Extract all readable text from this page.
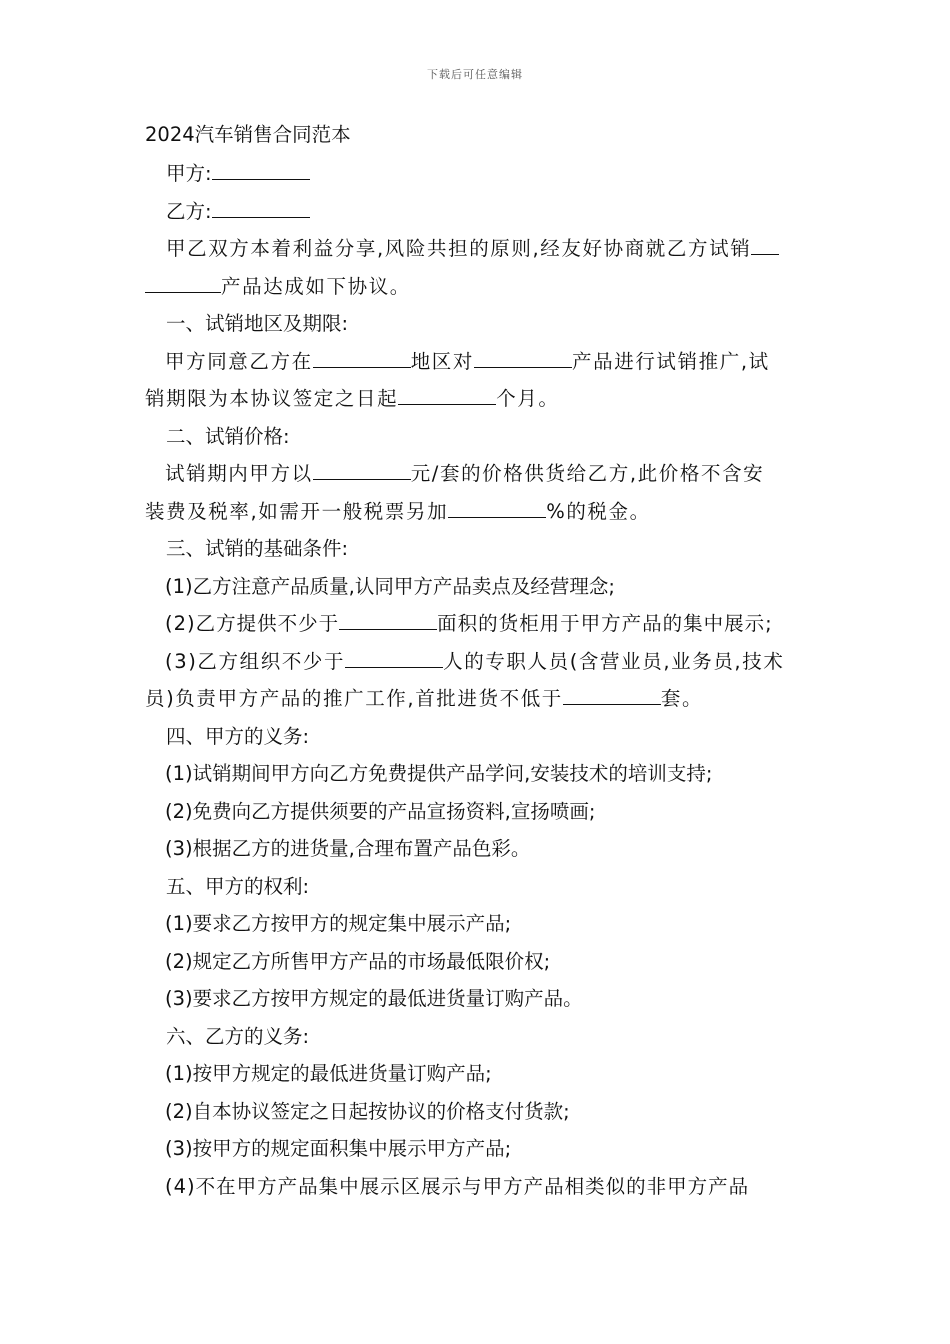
下载后可任意编辑
2024汽车销售合同范本

甲方:

乙方:

甲乙双方本着利益分享,风险共担的原则,经友好协商就乙方试销

产品达成如下协议。

一、试销地区及期限:

甲方同意乙方在	地区对	产品进行试销推广,试

销期限为本协议签定之日起	个月。

二、试销价格:

试销期内甲方以	元/套的价格供货给乙方,此价格不含安

装费及税率,如需开一般税票另加	%的税金。

三、试销的基础条件:

(1)乙方注意产品质量,认同甲方产品卖点及经营理念;

(2)乙方提供不少于	面积的货柜用于甲方产品的集中展示;

(3)乙方组织不少于	人的专职人员(含营业员,业务员,技术

员)负责甲方产品的推广工作,首批进货不低于	套。

四、甲方的义务:

(1)试销期间甲方向乙方免费提供产品学问,安装技术的培训支持;

(2)免费向乙方提供须要的产品宣扬资料,宣扬喷画;

(3)根据乙方的进货量,合理布置产品色彩。

五、甲方的权利:

(1)要求乙方按甲方的规定集中展示产品;

(2)规定乙方所售甲方产品的市场最低限价权;

(3)要求乙方按甲方规定的最低进货量订购产品。

六、乙方的义务:

(1)按甲方规定的最低进货量订购产品;

(2)自本协议签定之日起按协议的价格支付货款;

(3)按甲方的规定面积集中展示甲方产品;

(4)不在甲方产品集中展示区展示与甲方产品相类似的非甲方产品
